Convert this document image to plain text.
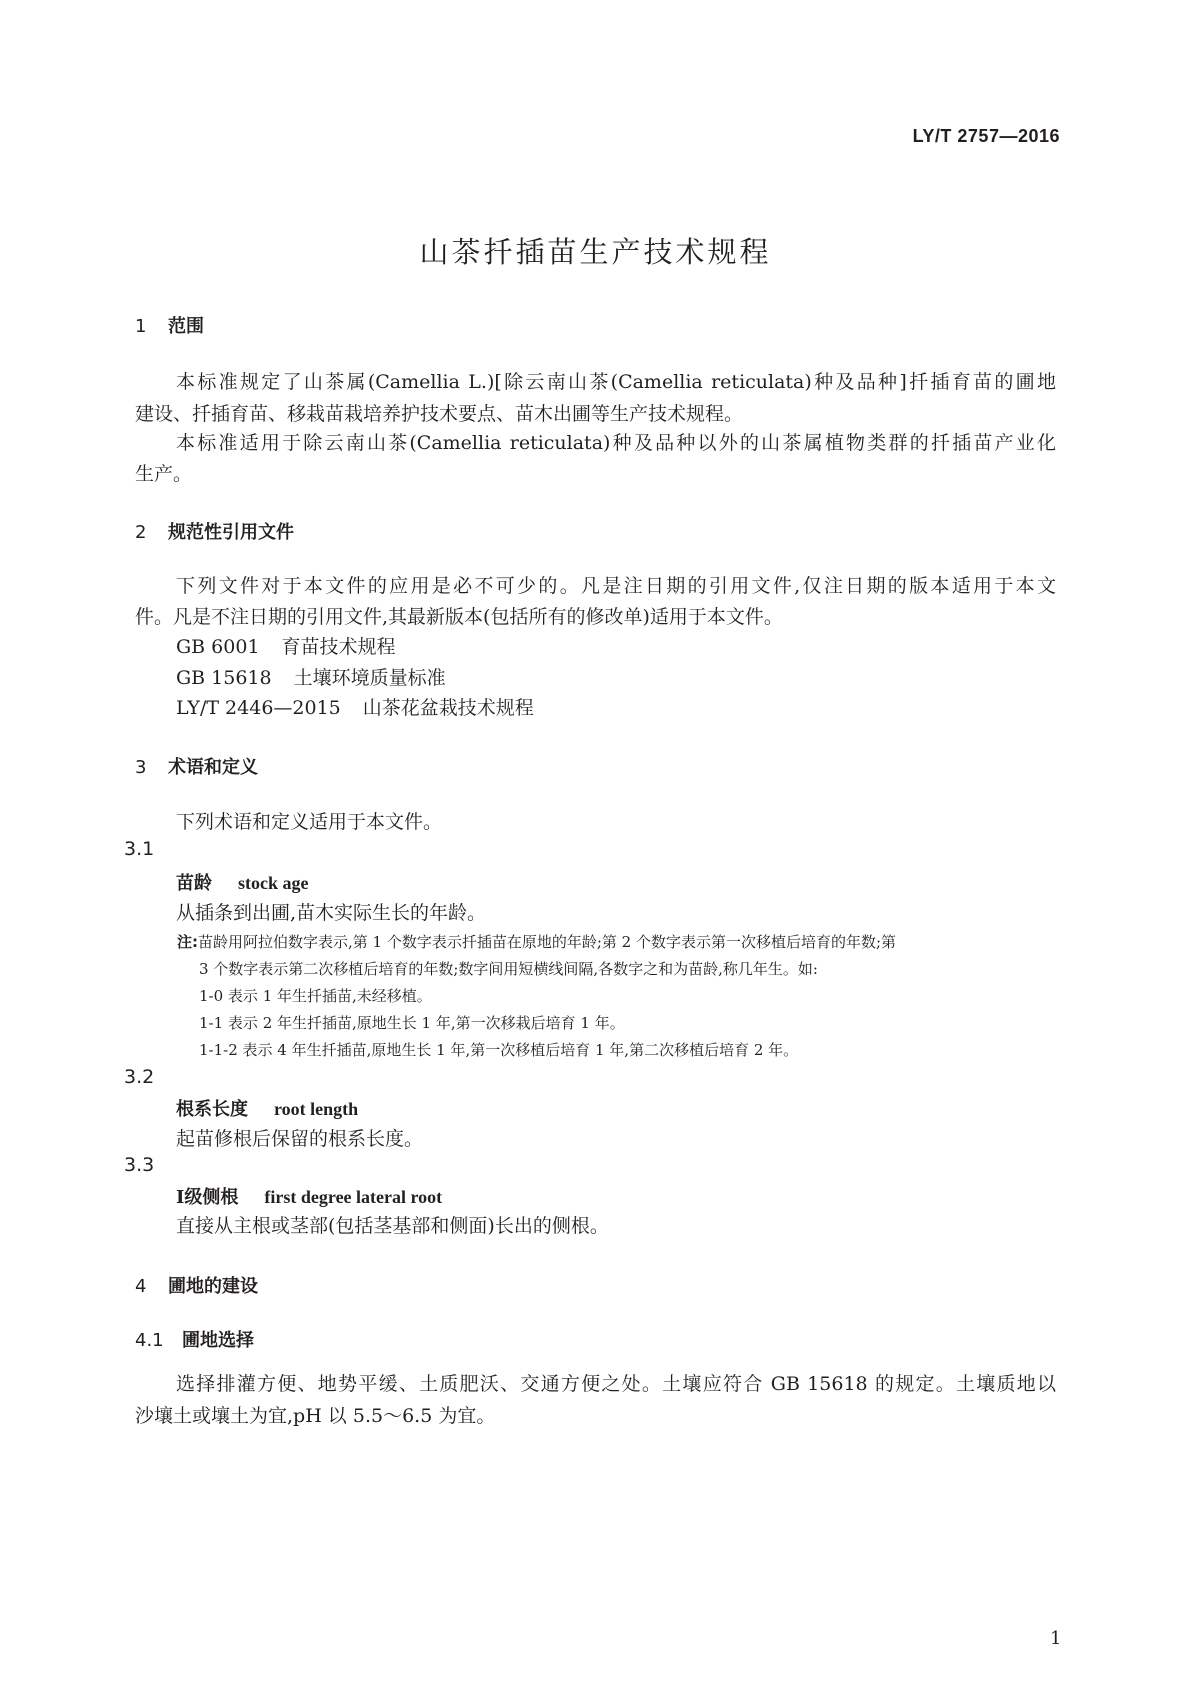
LY/T 2757—2016
山茶扦插苗生产技术规程
1 范围
本标准规定了山茶属(Camellia L.)[除云南山茶(Camellia reticulata)种及品种]扦插育苗的圃地
建设、扦插育苗、移栽苗栽培养护技术要点、苗木出圃等生产技术规程。
本标准适用于除云南山茶(Camellia reticulata)种及品种以外的山茶属植物类群的扦插苗产业化
生产。
2 规范性引用文件
下列文件对于本文件的应用是必不可少的。凡是注日期的引用文件,仅注日期的版本适用于本文
件。凡是不注日期的引用文件,其最新版本(包括所有的修改单)适用于本文件。
GB 6001 育苗技术规程
GB 15618 土壤环境质量标准
LY/T 2446—2015 山茶花盆栽技术规程
3 术语和定义
下列术语和定义适用于本文件。
3.1
苗龄 stock age
从插条到出圃,苗木实际生长的年龄。
注:苗龄用阿拉伯数字表示,第 1 个数字表示扦插苗在原地的年龄;第 2 个数字表示第一次移植后培育的年数;第
3 个数字表示第二次移植后培育的年数;数字间用短横线间隔,各数字之和为苗龄,称几年生。如:
1-0 表示 1 年生扦插苗,未经移植。
1-1 表示 2 年生扦插苗,原地生长 1 年,第一次移栽后培育 1 年。
1-1-2 表示 4 年生扦插苗,原地生长 1 年,第一次移植后培育 1 年,第二次移植后培育 2 年。
3.2
根系长度 root length
起苗修根后保留的根系长度。
3.3
Ⅰ级侧根 first degree lateral root
直接从主根或茎部(包括茎基部和侧面)长出的侧根。
4 圃地的建设
4.1 圃地选择
选择排灌方便、地势平缓、土质肥沃、交通方便之处。土壤应符合 GB 15618 的规定。土壤质地以
沙壤土或壤土为宜,pH 以 5.5～6.5 为宜。
1
